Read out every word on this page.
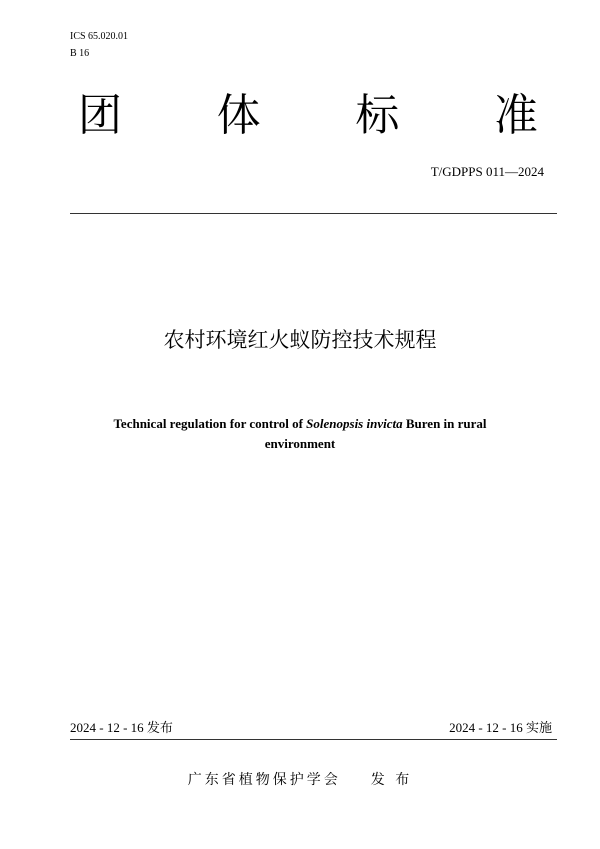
ICS 65.020.01
B 16
团 体 标 准
T/GDPPS 011—2024
农村环境红火蚁防控技术规程
Technical regulation for control of Solenopsis invicta Buren in rural environment
2024 - 12 - 16 发布	2024 - 12 - 16 实施
广东省植物保护学会 发 布
